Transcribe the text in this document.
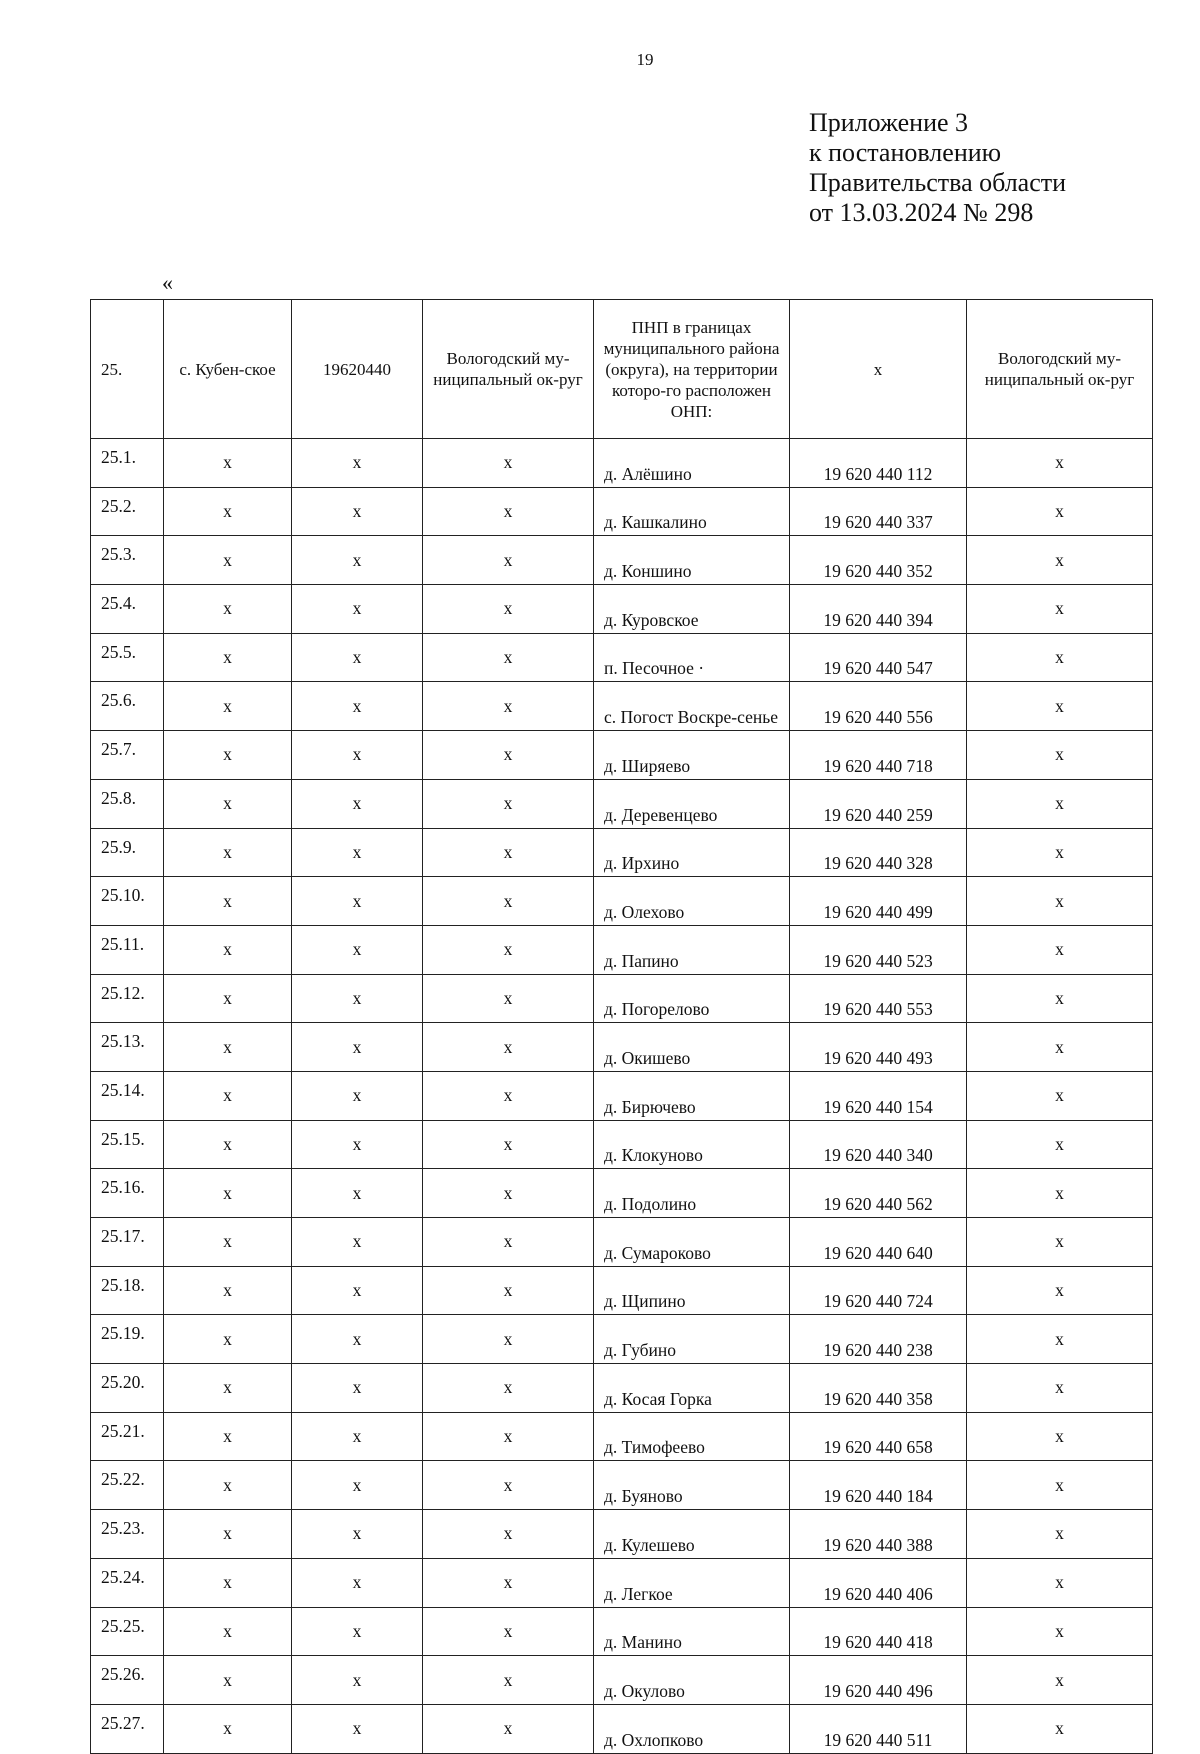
19
Приложение 3
к постановлению
Правительства области
от 13.03.2024 № 298
«
25.	с. Кубен-ское	19620440	Вологодский му-ниципальный ок-руг	ПНП в границах муниципального района (округа), на территории которо-го расположен ОНП:	x	Вологодский му-ниципальный ок-руг
25.1.	x	x	x	д. Алёшино	19 620 440 112	x
25.2.	x	x	x	д. Кашкалино	19 620 440 337	x
25.3.	x	x	x	д. Коншино	19 620 440 352	x
25.4.	x	x	x	д. Куровское	19 620 440 394	x
25.5.	x	x	x	п. Песочное ·	19 620 440 547	x
25.6.	x	x	x	с. Погост Воскре-сенье	19 620 440 556	x
25.7.	x	x	x	д. Ширяево	19 620 440 718	x
25.8.	x	x	x	д. Деревенцево	19 620 440 259	x
25.9.	x	x	x	д. Ирхино	19 620 440 328	x
25.10.	x	x	x	д. Олехово	19 620 440 499	x
25.11.	x	x	x	д. Папино	19 620 440 523	x
25.12.	x	x	x	д. Погорелово	19 620 440 553	x
25.13.	x	x	x	д. Окишево	19 620 440 493	x
25.14.	x	x	x	д. Бирючево	19 620 440 154	x
25.15.	x	x	x	д. Клокуново	19 620 440 340	x
25.16.	x	x	x	д. Подолино	19 620 440 562	x
25.17.	x	x	x	д. Сумароково	19 620 440 640	x
25.18.	x	x	x	д. Щипино	19 620 440 724	x
25.19.	x	x	x	д. Губино	19 620 440 238	x
25.20.	x	x	x	д. Косая Горка	19 620 440 358	x
25.21.	x	x	x	д. Тимофеево	19 620 440 658	x
25.22.	x	x	x	д. Буяново	19 620 440 184	x
25.23.	x	x	x	д. Кулешево	19 620 440 388	x
25.24.	x	x	x	д. Легкое	19 620 440 406	x
25.25.	x	x	x	д. Манино	19 620 440 418	x
25.26.	x	x	x	д. Окулово	19 620 440 496	x
25.27.	x	x	x	д. Охлопково	19 620 440 511	x
